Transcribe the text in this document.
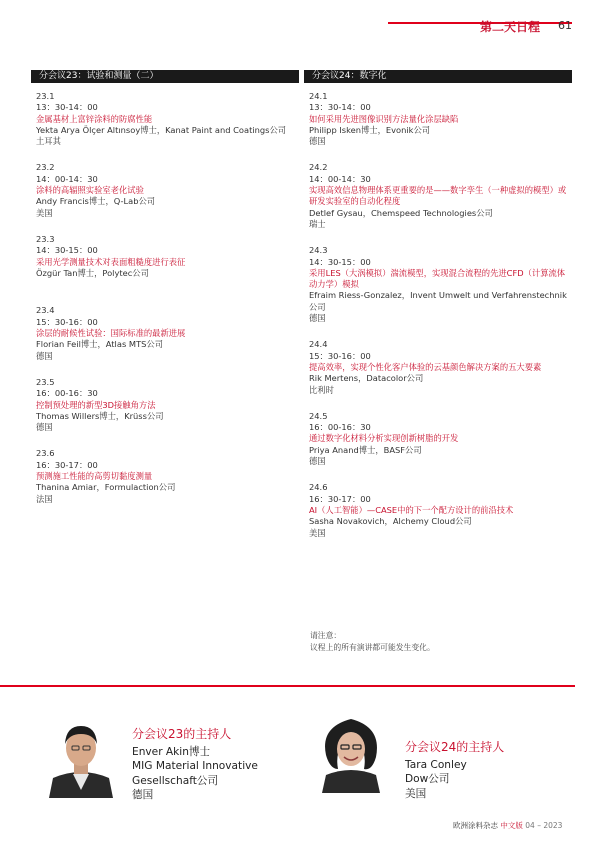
第二天日程 61
分会议23：试验和测量（二）
23.1
13：30-14：00
金属基材上富锌涂料的防腐性能
Yekta Arya Ölçer Altınsoy博士，Kanat Paint and Coatings公司
土耳其
23.2
14：00-14：30
涂料的高辐照实验室老化试验
Andy Francis博士，Q-Lab公司
美国
23.3
14：30-15：00
采用光学测量技术对表面粗糙度进行表征
Özgür Tan博士，Polytec公司
23.4
15：30-16：00
涂层的耐候性试验：国际标准的最新进展
Florian Feil博士，Atlas MTS公司
德国
23.5
16：00-16：30
控制预处理的新型3D接触角方法
Thomas Willers博士，Krüss公司
德国
23.6
16：30-17：00
预测施工性能的高剪切黏度测量
Thanina Amiar，Formulaction公司
法国
分会议24：数字化
24.1
13：30-14：00
如何采用先进图像识别方法量化涂层缺陷
Philipp Isken博士，Evonik公司
德国
24.2
14：00-14：30
实现高效信息物理体系更重要的是——数字孪生（一种虚拟的模型）或研发实验室的自动化程度
Detlef Gysau，Chemspeed Technologies公司
瑞士
24.3
14：30-15：00
采用LES（大涡模拟）湍流模型，实现混合流程的先进CFD（计算流体动力学）模拟
Efraim Riess-Gonzalez，Invent Umwelt und Verfahrenstechnik公司
德国
24.4
15：30-16：00
提高效率，实现个性化客户体验的云基颜色解决方案的五大要素
Rik Mertens，Datacolor公司
比利时
24.5
16：00-16：30
通过数字化材料分析实现创新树脂的开发
Priya Anand博士，BASF公司
德国
24.6
16：30-17：00
AI（人工智能）—CASE中的下一个配方设计的前沿技术
Sasha Novakovich，Alchemy Cloud公司
美国
请注意：
议程上的所有演讲都可能发生变化。
分会议23的主持人
Enver Akin博士
MIG Material Innovative
Gesellschaft公司
德国
分会议24的主持人
Tara Conley
Dow公司
美国
欧洲涂料杂志 中文版 04 – 2023
